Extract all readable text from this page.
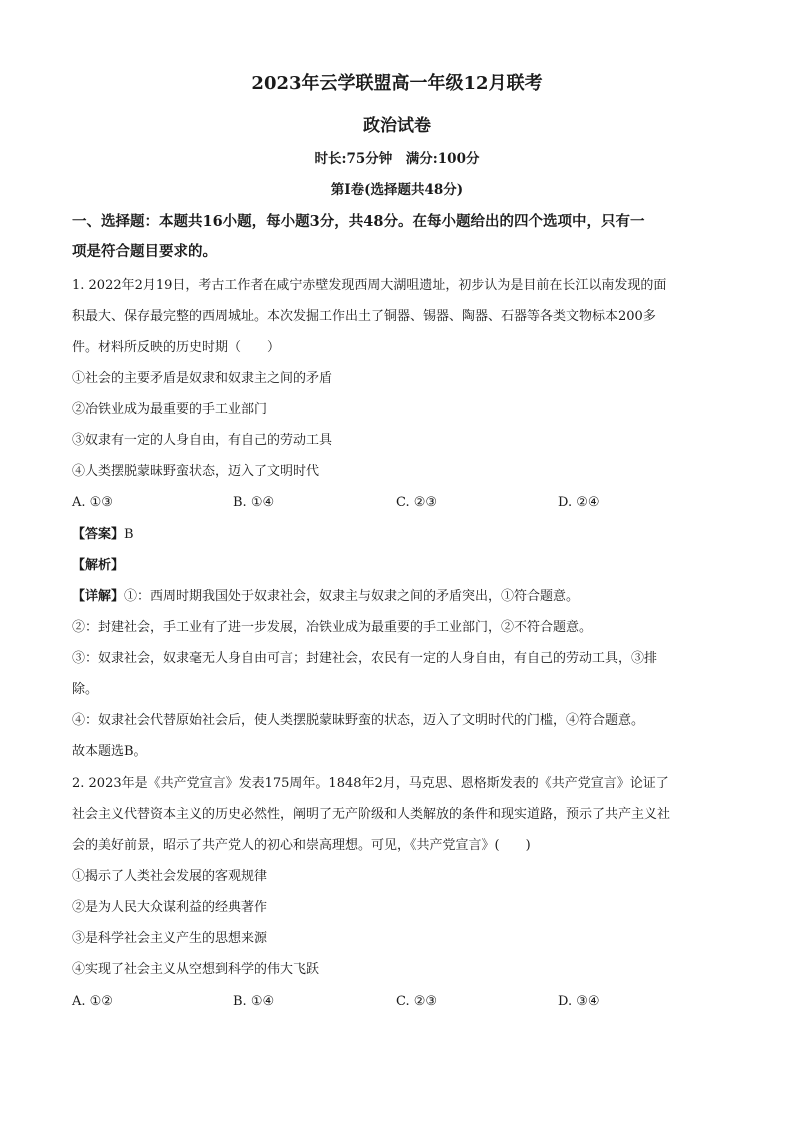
2023年云学联盟高一年级12月联考
政治试卷
时长:75分钟　满分:100分
第Ⅰ卷(选择题共48分)
一、选择题：本题共16小题，每小题3分，共48分。在每小题给出的四个选项中，只有一
项是符合题目要求的。
1. 2022年2月19日，考古工作者在咸宁赤壁发现西周大湖咀遗址，初步认为是目前在长江以南发现的面
积最大、保存最完整的西周城址。本次发掘工作出土了铜器、锡器、陶器、石器等各类文物标本200多
件。材料所反映的历史时期（　　）
①社会的主要矛盾是奴隶和奴隶主之间的矛盾
②冶铁业成为最重要的手工业部门
③奴隶有一定的人身自由，有自己的劳动工具
④人类摆脱蒙昧野蛮状态，迈入了文明时代
A. ①③	B. ①④	C. ②③	D. ②④
【答案】B
【解析】
【详解】①：西周时期我国处于奴隶社会，奴隶主与奴隶之间的矛盾突出，①符合题意。
②：封建社会，手工业有了进一步发展，冶铁业成为最重要的手工业部门，②不符合题意。
③：奴隶社会，奴隶毫无人身自由可言；封建社会，农民有一定的人身自由，有自己的劳动工具，③排
除。
④：奴隶社会代替原始社会后，使人类摆脱蒙昧野蛮的状态，迈入了文明时代的门槛，④符合题意。
故本题选B。
2. 2023年是《共产党宣言》发表175周年。1848年2月，马克思、恩格斯发表的《共产党宣言》论证了
社会主义代替资本主义的历史必然性，阐明了无产阶级和人类解放的条件和现实道路，预示了共产主义社
会的美好前景，昭示了共产党人的初心和崇高理想。可见，《共产党宣言》(　　)
①揭示了人类社会发展的客观规律
②是为人民大众谋利益的经典著作
③是科学社会主义产生的思想来源
④实现了社会主义从空想到科学的伟大飞跃
A. ①②	B. ①④	C. ②③	D. ③④
